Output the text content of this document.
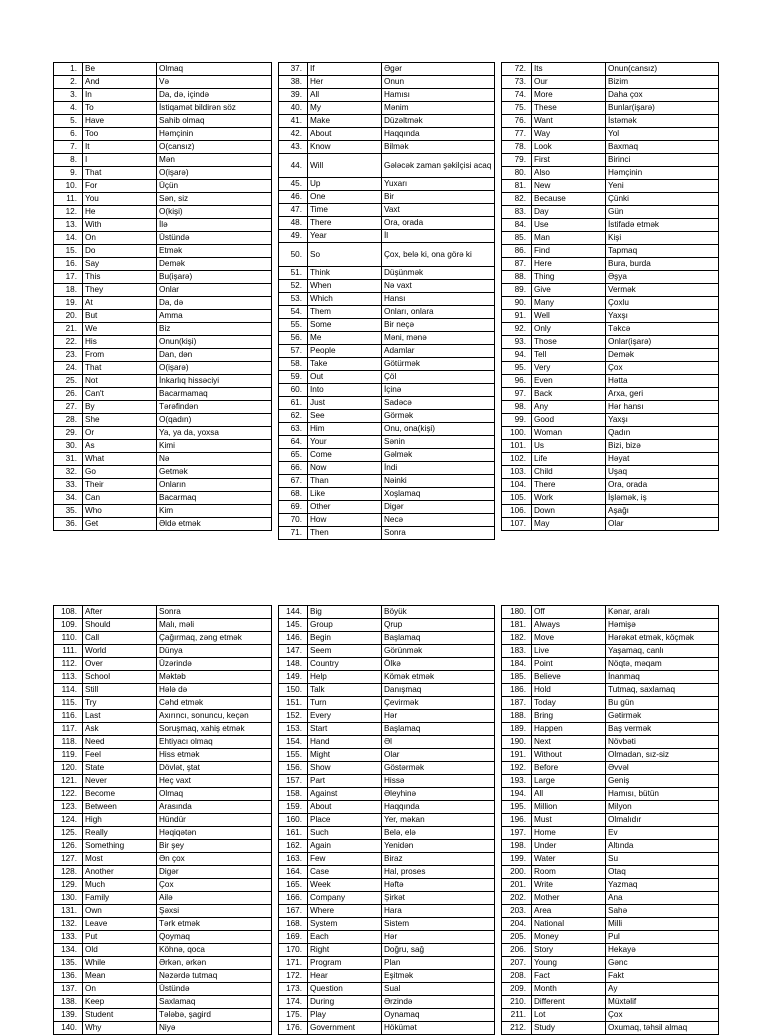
1.	Be	Olmaq
2.	And	Və
3.	In	Da, də, içində
4.	To	İstiqamət bildirən söz
5.	Have	Sahib olmaq
6.	Too	Həmçinin
7.	It	O(cansız)
8.	I	Mən
9.	That	O(işarə)
10.	For	Üçün
11.	You	Sən, siz
12.	He	O(kişi)
13.	With	İlə
14.	On	Üstündə
15.	Do	Etmək
16.	Say	Demək
17.	This	Bu(işarə)
18.	They	Onlar
19.	At	Da, də
20.	But	Amma
21.	We	Biz
22.	His	Onun(kişi)
23.	From	Dan, dən
24.	That	O(işarə)
25.	Not	İnkarlıq hissəciyi
26.	Can't	Bacarmamaq
27.	By	Tərəfindən
28.	She	O(qadın)
29.	Or	Ya, ya da, yoxsa
30.	As	Kimi
31.	What	Nə
32.	Go	Getmək
33.	Their	Onların
34.	Can	Bacarmaq
35.	Who	Kim
36.	Get	Əldə etmək
37.	If	Əgər
38.	Her	Onun
39.	All	Hamısı
40.	My	Mənim
41.	Make	Düzəltmək
42.	About	Haqqında
43.	Know	Bilmək
44.	Will	Gələcək zaman şəkilçisi acaq
45.	Up	Yuxarı
46.	One	Bir
47.	Time	Vaxt
48.	There	Ora, orada
49.	Year	İl
50.	So	Çox, belə ki, ona görə ki
51.	Think	Düşünmək
52.	When	Nə vaxt
53.	Which	Hansı
54.	Them	Onları, onlara
55.	Some	Bir neçə
56.	Me	Məni, mənə
57.	People	Adamlar
58.	Take	Götürmək
59.	Out	Çöl
60.	Into	İçinə
61.	Just	Sadəcə
62.	See	Görmək
63.	Him	Onu, ona(kişi)
64.	Your	Sənin
65.	Come	Gəlmək
66.	Now	İndi
67.	Than	Nəinki
68.	Like	Xoşlamaq
69.	Other	Digər
70.	How	Necə
71.	Then	Sonra
72.	Its	Onun(cansız)
73.	Our	Bizim
74.	More	Daha çox
75.	These	Bunlar(işarə)
76.	Want	İstəmək
77.	Way	Yol
78.	Look	Baxmaq
79.	First	Birinci
80.	Also	Həmçinin
81.	New	Yeni
82.	Because	Çünki
83.	Day	Gün
84.	Use	İstifadə etmək
85.	Man	Kişi
86.	Find	Tapmaq
87.	Here	Bura, burda
88.	Thing	Əşya
89.	Give	Vermək
90.	Many	Çoxlu
91.	Well	Yaxşı
92.	Only	Təkcə
93.	Those	Onlar(işarə)
94.	Tell	Demək
95.	Very	Çox
96.	Even	Hətta
97.	Back	Arxa, geri
98.	Any	Hər hansı
99.	Good	Yaxşı
100.	Woman	Qadın
101.	Us	Bizi, bizə
102.	Life	Həyat
103.	Child	Uşaq
104.	There	Ora, orada
105.	Work	İşləmək, iş
106.	Down	Aşağı
107.	May	Olar
108.	After	Sonra
109.	Should	Malı, məli
110.	Call	Çağırmaq, zəng etmək
111.	World	Dünya
112.	Over	Üzərində
113.	School	Məktəb
114.	Still	Hələ də
115.	Try	Cəhd etmək
116.	Last	Axırıncı, sonuncu, keçən
117.	Ask	Soruşmaq, xahiş etmək
118.	Need	Ehtiyacı olmaq
119.	Feel	Hiss etmək
120.	State	Dövlət, ştat
121.	Never	Heç vaxt
122.	Become	Olmaq
123.	Between	Arasında
124.	High	Hündür
125.	Really	Həqiqətən
126.	Something	Bir şey
127.	Most	Ən çox
128.	Another	Digər
129.	Much	Çox
130.	Family	Ailə
131.	Own	Şəxsi
132.	Leave	Tərk etmək
133.	Put	Qoymaq
134.	Old	Köhnə, qoca
135.	While	Ərkən, ərkən
136.	Mean	Nəzərdə tutmaq
137.	On	Üstündə
138.	Keep	Saxlamaq
139.	Student	Tələbə, şagird
140.	Why	Niyə
144.	Big	Böyük
145.	Group	Qrup
146.	Begin	Başlamaq
147.	Seem	Görünmək
148.	Country	Ölkə
149.	Help	Kömək etmək
150.	Talk	Danışmaq
151.	Turn	Çevirmək
152.	Every	Hər
153.	Start	Başlamaq
154.	Hand	Əl
155.	Might	Olar
156.	Show	Göstərmək
157.	Part	Hissə
158.	Against	Əleyhinə
159.	About	Haqqında
160.	Place	Yer, məkan
161.	Such	Belə, elə
162.	Again	Yenidən
163.	Few	Biraz
164.	Case	Hal, proses
165.	Week	Həftə
166.	Company	Şirkət
167.	Where	Hara
168.	System	Sistem
169.	Each	Hər
170.	Right	Doğru, sağ
171.	Program	Plan
172.	Hear	Eşitmək
173.	Question	Sual
174.	During	Ərzində
175.	Play	Oynamaq
176.	Government	Hökümət
180.	Off	Kənar, aralı
181.	Always	Həmişə
182.	Move	Hərəkət etmək, köçmək
183.	Live	Yaşamaq, canlı
184.	Point	Nöqtə, məqam
185.	Believe	İnanmaq
186.	Hold	Tutmaq, saxlamaq
187.	Today	Bu gün
188.	Bring	Gətirmək
189.	Happen	Baş vermək
190.	Next	Növbəti
191.	Without	Olmadan, sız-siz
192.	Before	Əvvəl
193.	Large	Geniş
194.	All	Hamısı, bütün
195.	Million	Milyon
196.	Must	Olmalıdır
197.	Home	Ev
198.	Under	Altında
199.	Water	Su
200.	Room	Otaq
201.	Write	Yazmaq
202.	Mother	Ana
203.	Area	Sahə
204.	National	Milli
205.	Money	Pul
206.	Story	Hekayə
207.	Young	Gənc
208.	Fact	Fakt
209.	Month	Ay
210.	Different	Müxtəlif
211.	Lot	Çox
212.	Study	Oxumaq, təhsil almaq
